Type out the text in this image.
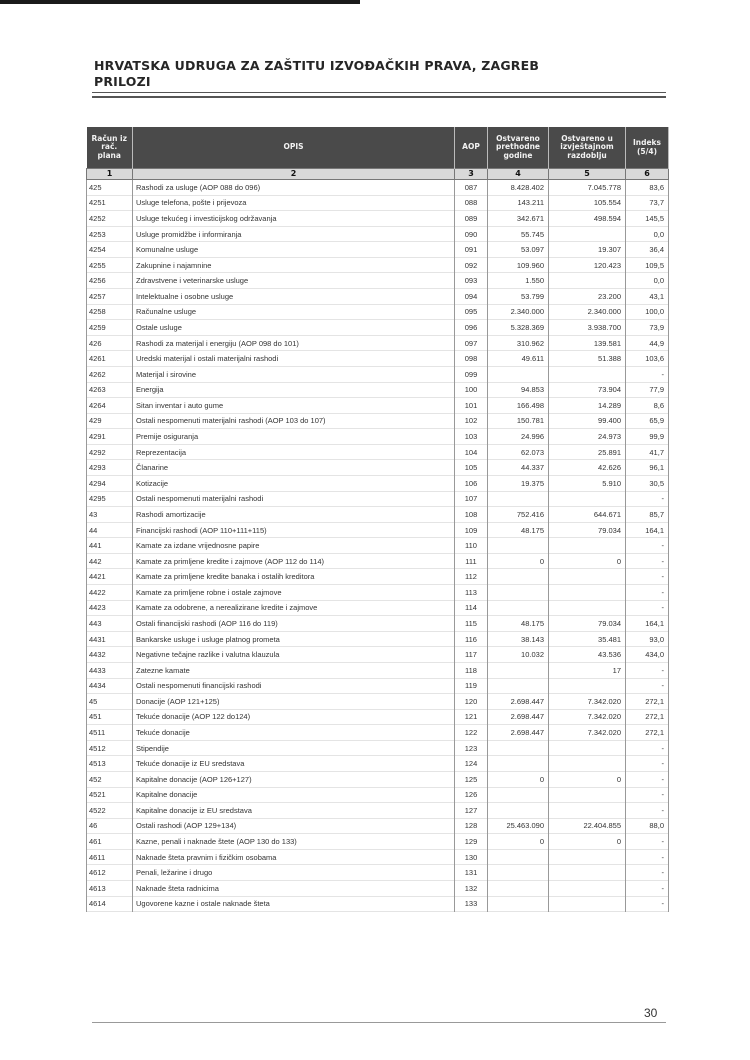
HRVATSKA UDRUGA ZA ZAŠTITU IZVOĐAČKIH PRAVA, ZAGREB
PRILOZI
Račun iz rač. plana	OPIS	AOP	Ostvareno prethodne godine	Ostvareno u izvještajnom razdoblju	Indeks (5/4)
1	2	3	4	5	6
425	Rashodi za usluge (AOP 088 do 096)	087	8.428.402	7.045.778	83,6
4251	Usluge telefona, pošte i prijevoza	088	143.211	105.554	73,7
4252	Usluge tekućeg i investicijskog održavanja	089	342.671	498.594	145,5
4253	Usluge promidžbe i informiranja	090	55.745		0,0
4254	Komunalne usluge	091	53.097	19.307	36,4
4255	Zakupnine i najamnine	092	109.960	120.423	109,5
4256	Zdravstvene i veterinarske usluge	093	1.550		0,0
4257	Intelektualne i osobne usluge	094	53.799	23.200	43,1
4258	Računalne usluge	095	2.340.000	2.340.000	100,0
4259	Ostale usluge	096	5.328.369	3.938.700	73,9
426	Rashodi za materijal i energiju (AOP 098 do 101)	097	310.962	139.581	44,9
4261	Uredski materijal i ostali materijalni rashodi	098	49.611	51.388	103,6
4262	Materijal i sirovine	099			-
4263	Energija	100	94.853	73.904	77,9
4264	Sitan inventar i auto gume	101	166.498	14.289	8,6
429	Ostali nespomenuti materijalni rashodi (AOP 103 do 107)	102	150.781	99.400	65,9
4291	Premije osiguranja	103	24.996	24.973	99,9
4292	Reprezentacija	104	62.073	25.891	41,7
4293	Članarine	105	44.337	42.626	96,1
4294	Kotizacije	106	19.375	5.910	30,5
4295	Ostali nespomenuti materijalni rashodi	107			-
43	Rashodi amortizacije	108	752.416	644.671	85,7
44	Financijski rashodi (AOP 110+111+115)	109	48.175	79.034	164,1
441	Kamate za izdane vrijednosne papire	110			-
442	Kamate za primljene kredite i zajmove (AOP 112 do 114)	111	0	0	-
4421	Kamate za primljene kredite banaka i ostalih kreditora	112			-
4422	Kamate za primljene robne i ostale zajmove	113			-
4423	Kamate za odobrene, a nerealizirane kredite i zajmove	114			-
443	Ostali financijski rashodi (AOP 116 do 119)	115	48.175	79.034	164,1
4431	Bankarske usluge i usluge platnog prometa	116	38.143	35.481	93,0
4432	Negativne tečajne razlike i valutna klauzula	117	10.032	43.536	434,0
4433	Zatezne kamate	118		17	-
4434	Ostali nespomenuti financijski rashodi	119			-
45	Donacije (AOP 121+125)	120	2.698.447	7.342.020	272,1
451	Tekuće donacije (AOP 122 do124)	121	2.698.447	7.342.020	272,1
4511	Tekuće donacije	122	2.698.447	7.342.020	272,1
4512	Stipendije	123			-
4513	Tekuće donacije iz EU sredstava	124			-
452	Kapitalne donacije (AOP 126+127)	125	0	0	-
4521	Kapitalne donacije	126			-
4522	Kapitalne donacije iz EU sredstava	127			-
46	Ostali rashodi (AOP 129+134)	128	25.463.090	22.404.855	88,0
461	Kazne, penali i naknade štete (AOP 130 do 133)	129	0	0	-
4611	Naknade šteta pravnim i fizičkim osobama	130			-
4612	Penali, ležarine i drugo	131			-
4613	Naknade šteta radnicima	132			-
4614	Ugovorene kazne i ostale naknade šteta	133			-
30
